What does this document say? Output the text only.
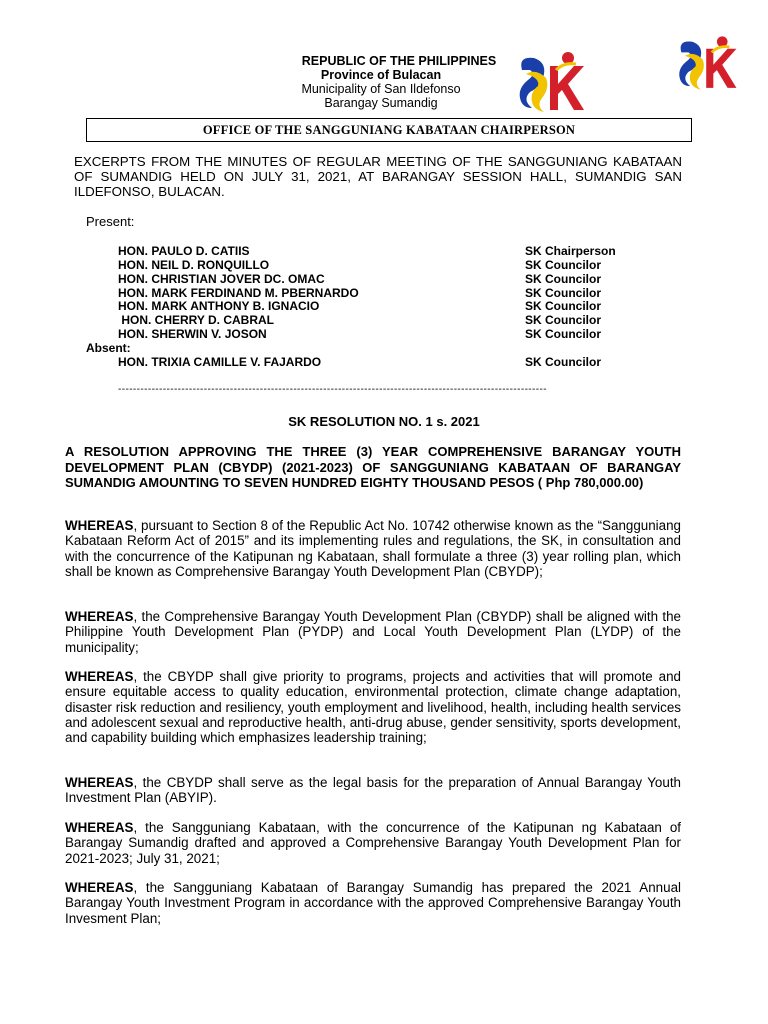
REPUBLIC OF THE PHILIPPINES
Province of Bulacan
Municipality of San Ildefonso
Barangay Sumandig
OFFICE OF THE SANGGUNIANG KABATAAN CHAIRPERSON
EXCERPTS FROM THE MINUTES OF REGULAR MEETING OF THE SANGGUNIANG KABATAAN OF SUMANDIG HELD ON JULY 31, 2021, AT BARANGAY SESSION HALL, SUMANDIG SAN ILDEFONSO, BULACAN.
Present:
HON. PAULO D. CATIIS	SK Chairperson
HON. NEIL D. RONQUILLO	SK Councilor
HON. CHRISTIAN JOVER DC. OMAC	SK Councilor
HON. MARK FERDINAND M. PBERNARDO	SK Councilor
HON. MARK ANTHONY B. IGNACIO	SK Councilor
HON. CHERRY D. CABRAL	SK Councilor
HON. SHERWIN V. JOSON	SK Councilor
Absent:
HON. TRIXIA CAMILLE V. FAJARDO	SK Councilor
-------------------------------------------------------------------------------------------------------------------
SK RESOLUTION NO. 1 s. 2021
A RESOLUTION APPROVING THE THREE (3) YEAR COMPREHENSIVE BARANGAY YOUTH DEVELOPMENT PLAN (CBYDP) (2021-2023) OF SANGGUNIANG KABATAAN OF BARANGAY SUMANDIG AMOUNTING TO SEVEN HUNDRED EIGHTY THOUSAND PESOS ( Php 780,000.00)
WHEREAS, pursuant to Section 8 of the Republic Act No. 10742 otherwise known as the “Sangguniang Kabataan Reform Act of 2015” and its implementing rules and regulations, the SK, in consultation and with the concurrence of the Katipunan ng Kabataan, shall formulate a three (3) year rolling plan, which shall be known as Comprehensive Barangay Youth Development Plan (CBYDP);
WHEREAS, the Comprehensive Barangay Youth Development Plan (CBYDP) shall be aligned with the Philippine Youth Development Plan (PYDP) and Local Youth Development Plan (LYDP) of the municipality;
WHEREAS, the CBYDP shall give priority to programs, projects and activities that will promote and ensure equitable access to quality education, environmental protection, climate change adaptation, disaster risk reduction and resiliency, youth employment and livelihood, health, including health services and adolescent sexual and reproductive health, anti-drug abuse, gender sensitivity, sports development, and capability building which emphasizes leadership training;
WHEREAS, the CBYDP shall serve as the legal basis for the preparation of Annual Barangay Youth Investment Plan (ABYIP).
WHEREAS, the Sangguniang Kabataan, with the concurrence of the Katipunan ng Kabataan of Barangay Sumandig drafted and approved a Comprehensive Barangay Youth Development Plan for 2021-2023; July 31, 2021;
WHEREAS, the Sangguniang Kabataan of Barangay Sumandig has prepared the 2021 Annual Barangay Youth Investment Program in accordance with the approved Comprehensive Barangay Youth Invesment Plan;
